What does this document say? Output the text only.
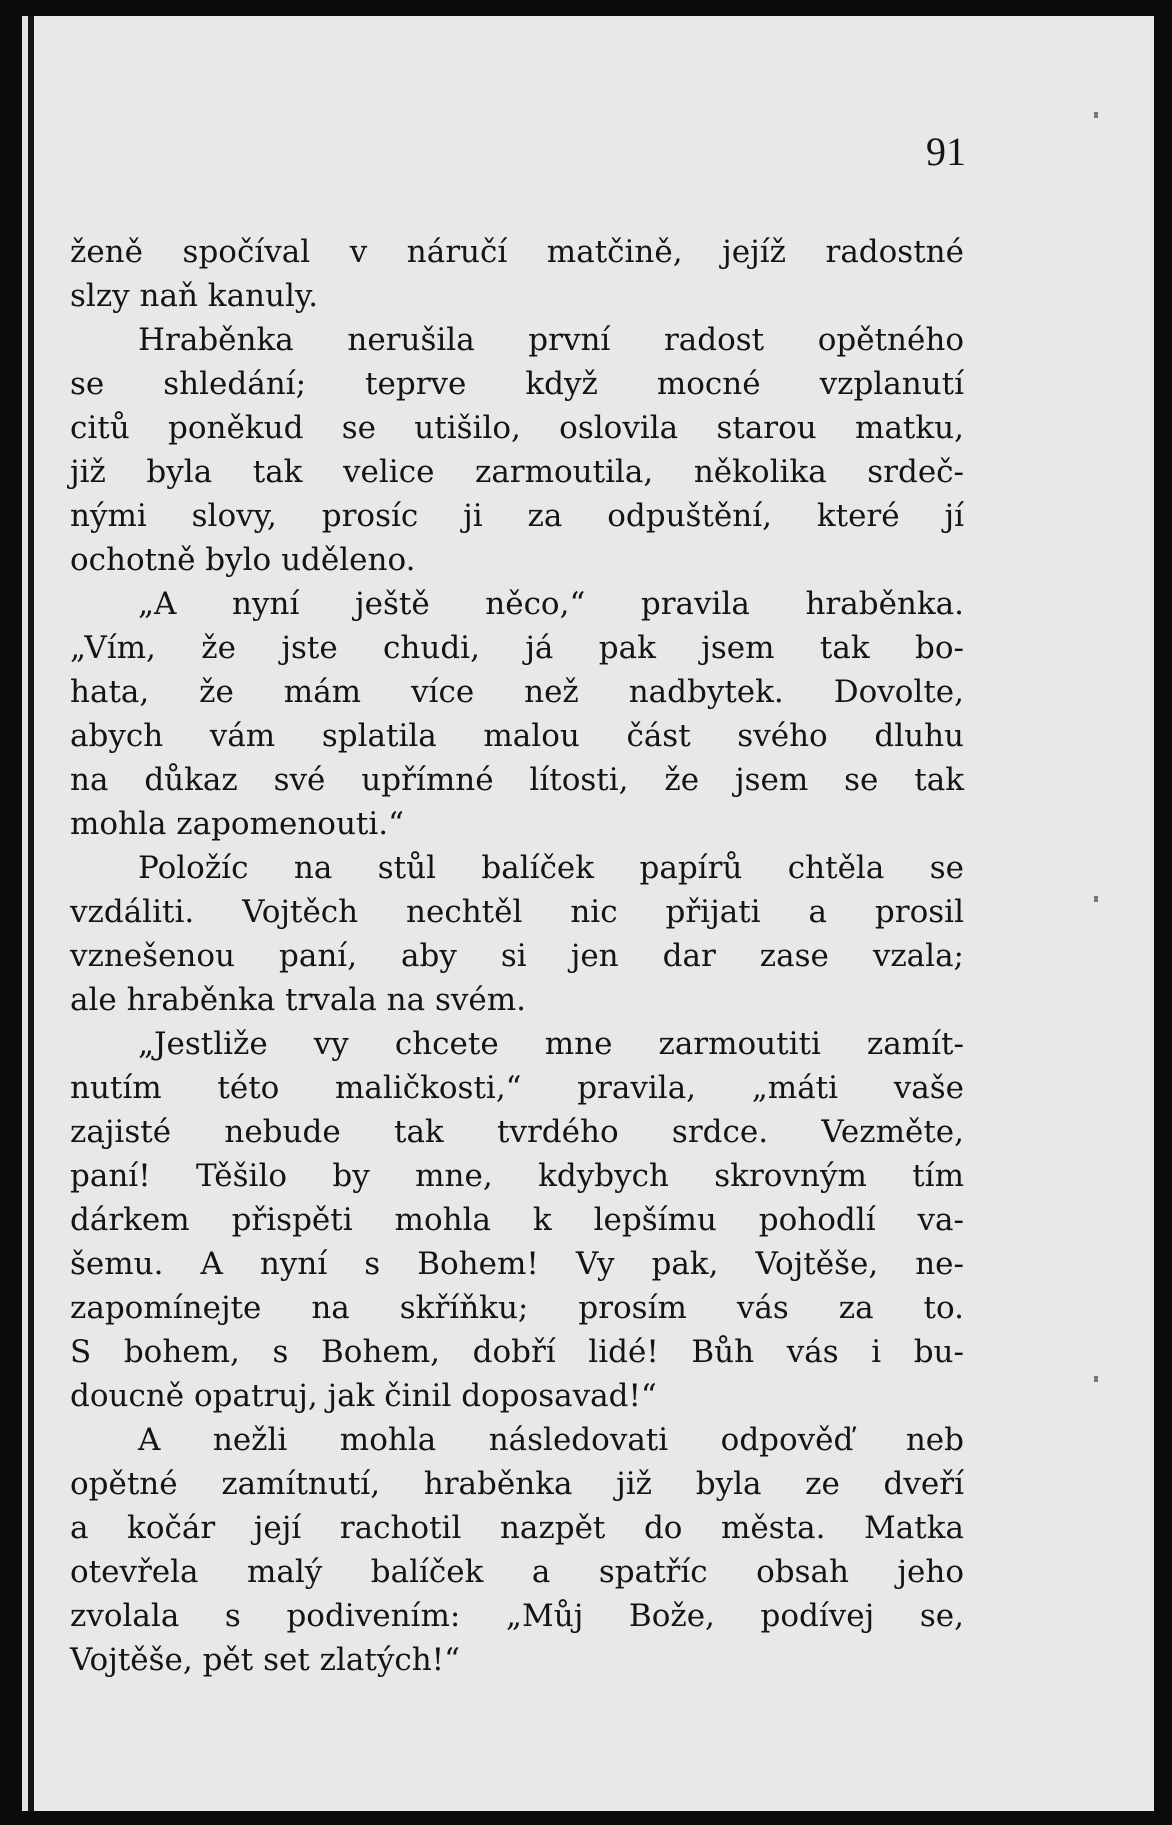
91
ženě spočíval v náručí matčině, jejíž radostné
slzy naň kanuly.
Hraběnka nerušila první radost opětného
se shledání; teprve když mocné vzplanutí
citů poněkud se utišilo, oslovila starou matku,
již byla tak velice zarmoutila, několika srdeč-
nými slovy, prosíc ji za odpuštění, které jí
ochotně bylo uděleno.
„A nyní ještě něco,“ pravila hraběnka.
„Vím, že jste chudi, já pak jsem tak bo-
hata, že mám více než nadbytek. Dovolte,
abych vám splatila malou část svého dluhu
na důkaz své upřímné lítosti, že jsem se tak
mohla zapomenouti.“
Položíc na stůl balíček papírů chtěla se
vzdáliti. Vojtěch nechtěl nic přijati a prosil
vznešenou paní, aby si jen dar zase vzala;
ale hraběnka trvala na svém.
„Jestliže vy chcete mne zarmoutiti zamít-
nutím této maličkosti,“ pravila, „máti vaše
zajisté nebude tak tvrdého srdce. Vezměte,
paní! Těšilo by mne, kdybych skrovným tím
dárkem přispěti mohla k lepšímu pohodlí va-
šemu. A nyní s Bohem! Vy pak, Vojtěše, ne-
zapomínejte na skříňku; prosím vás za to.
S bohem, s Bohem, dobří lidé! Bůh vás i bu-
doucně opatruj, jak činil doposavad!“
A nežli mohla následovati odpověď neb
opětné zamítnutí, hraběnka již byla ze dveří
a kočár její rachotil nazpět do města. Matka
otevřela malý balíček a spatříc obsah jeho
zvolala s podivením: „Můj Bože, podívej se,
Vojtěše, pět set zlatých!“
